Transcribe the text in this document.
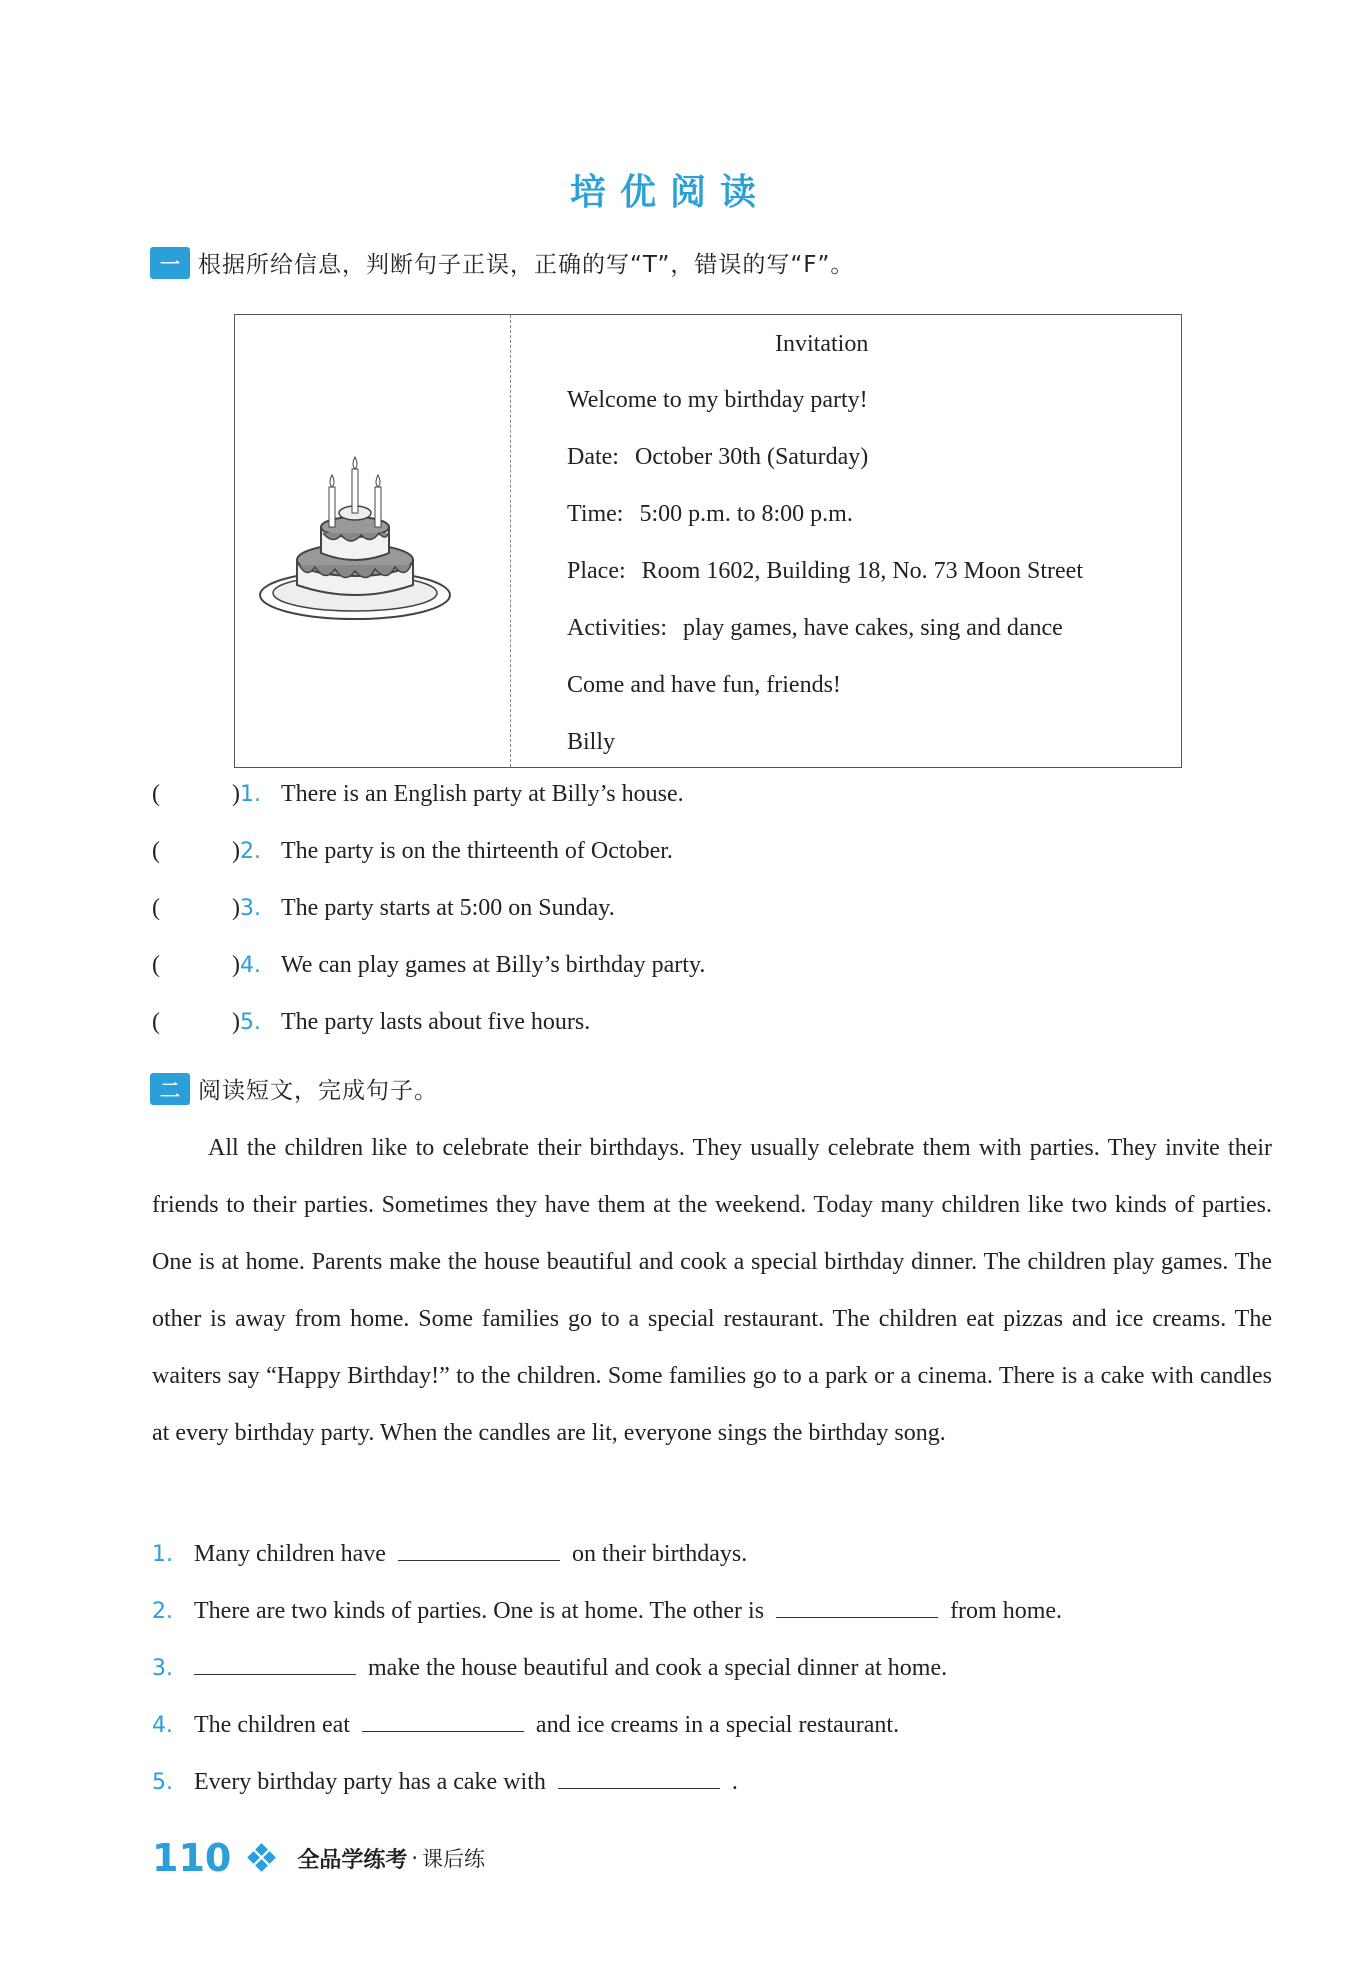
培优阅读
一 根据所给信息，判断句子正误，正确的写“T”，错误的写“F”。
Invitation
Welcome to my birthday party!
Date: October 30th (Saturday)
Time: 5:00 p.m. to 8:00 p.m.
Place: Room 1602, Building 18, No. 73 Moon Street
Activities: play games, have cakes, sing and dance
Come and have fun, friends!
Billy
(	) 1. There is an English party at Billy’s house.
(	) 2. The party is on the thirteenth of October.
(	) 3. The party starts at 5:00 on Sunday.
(	) 4. We can play games at Billy’s birthday party.
(	) 5. The party lasts about five hours.
二 阅读短文，完成句子。
All the children like to celebrate their birthdays. They usually celebrate them with parties. They invite their friends to their parties. Sometimes they have them at the weekend. Today many children like two kinds of parties. One is at home. Parents make the house beautiful and cook a special birthday dinner. The children play games. The other is away from home. Some families go to a special restaurant. The children eat pizzas and ice creams. The waiters say “Happy Birthday!” to the children. Some families go to a park or a cinema. There is a cake with candles at every birthday party. When the candles are lit, everyone sings the birthday song.
1. Many children have	on their birthdays.
2. There are two kinds of parties. One is at home. The other is	from home.
3.	make the house beautiful and cook a special dinner at home.
4. The children eat	and ice creams in a special restaurant.
5. Every birthday party has a cake with	.
110	全品学练考 · 课后练
